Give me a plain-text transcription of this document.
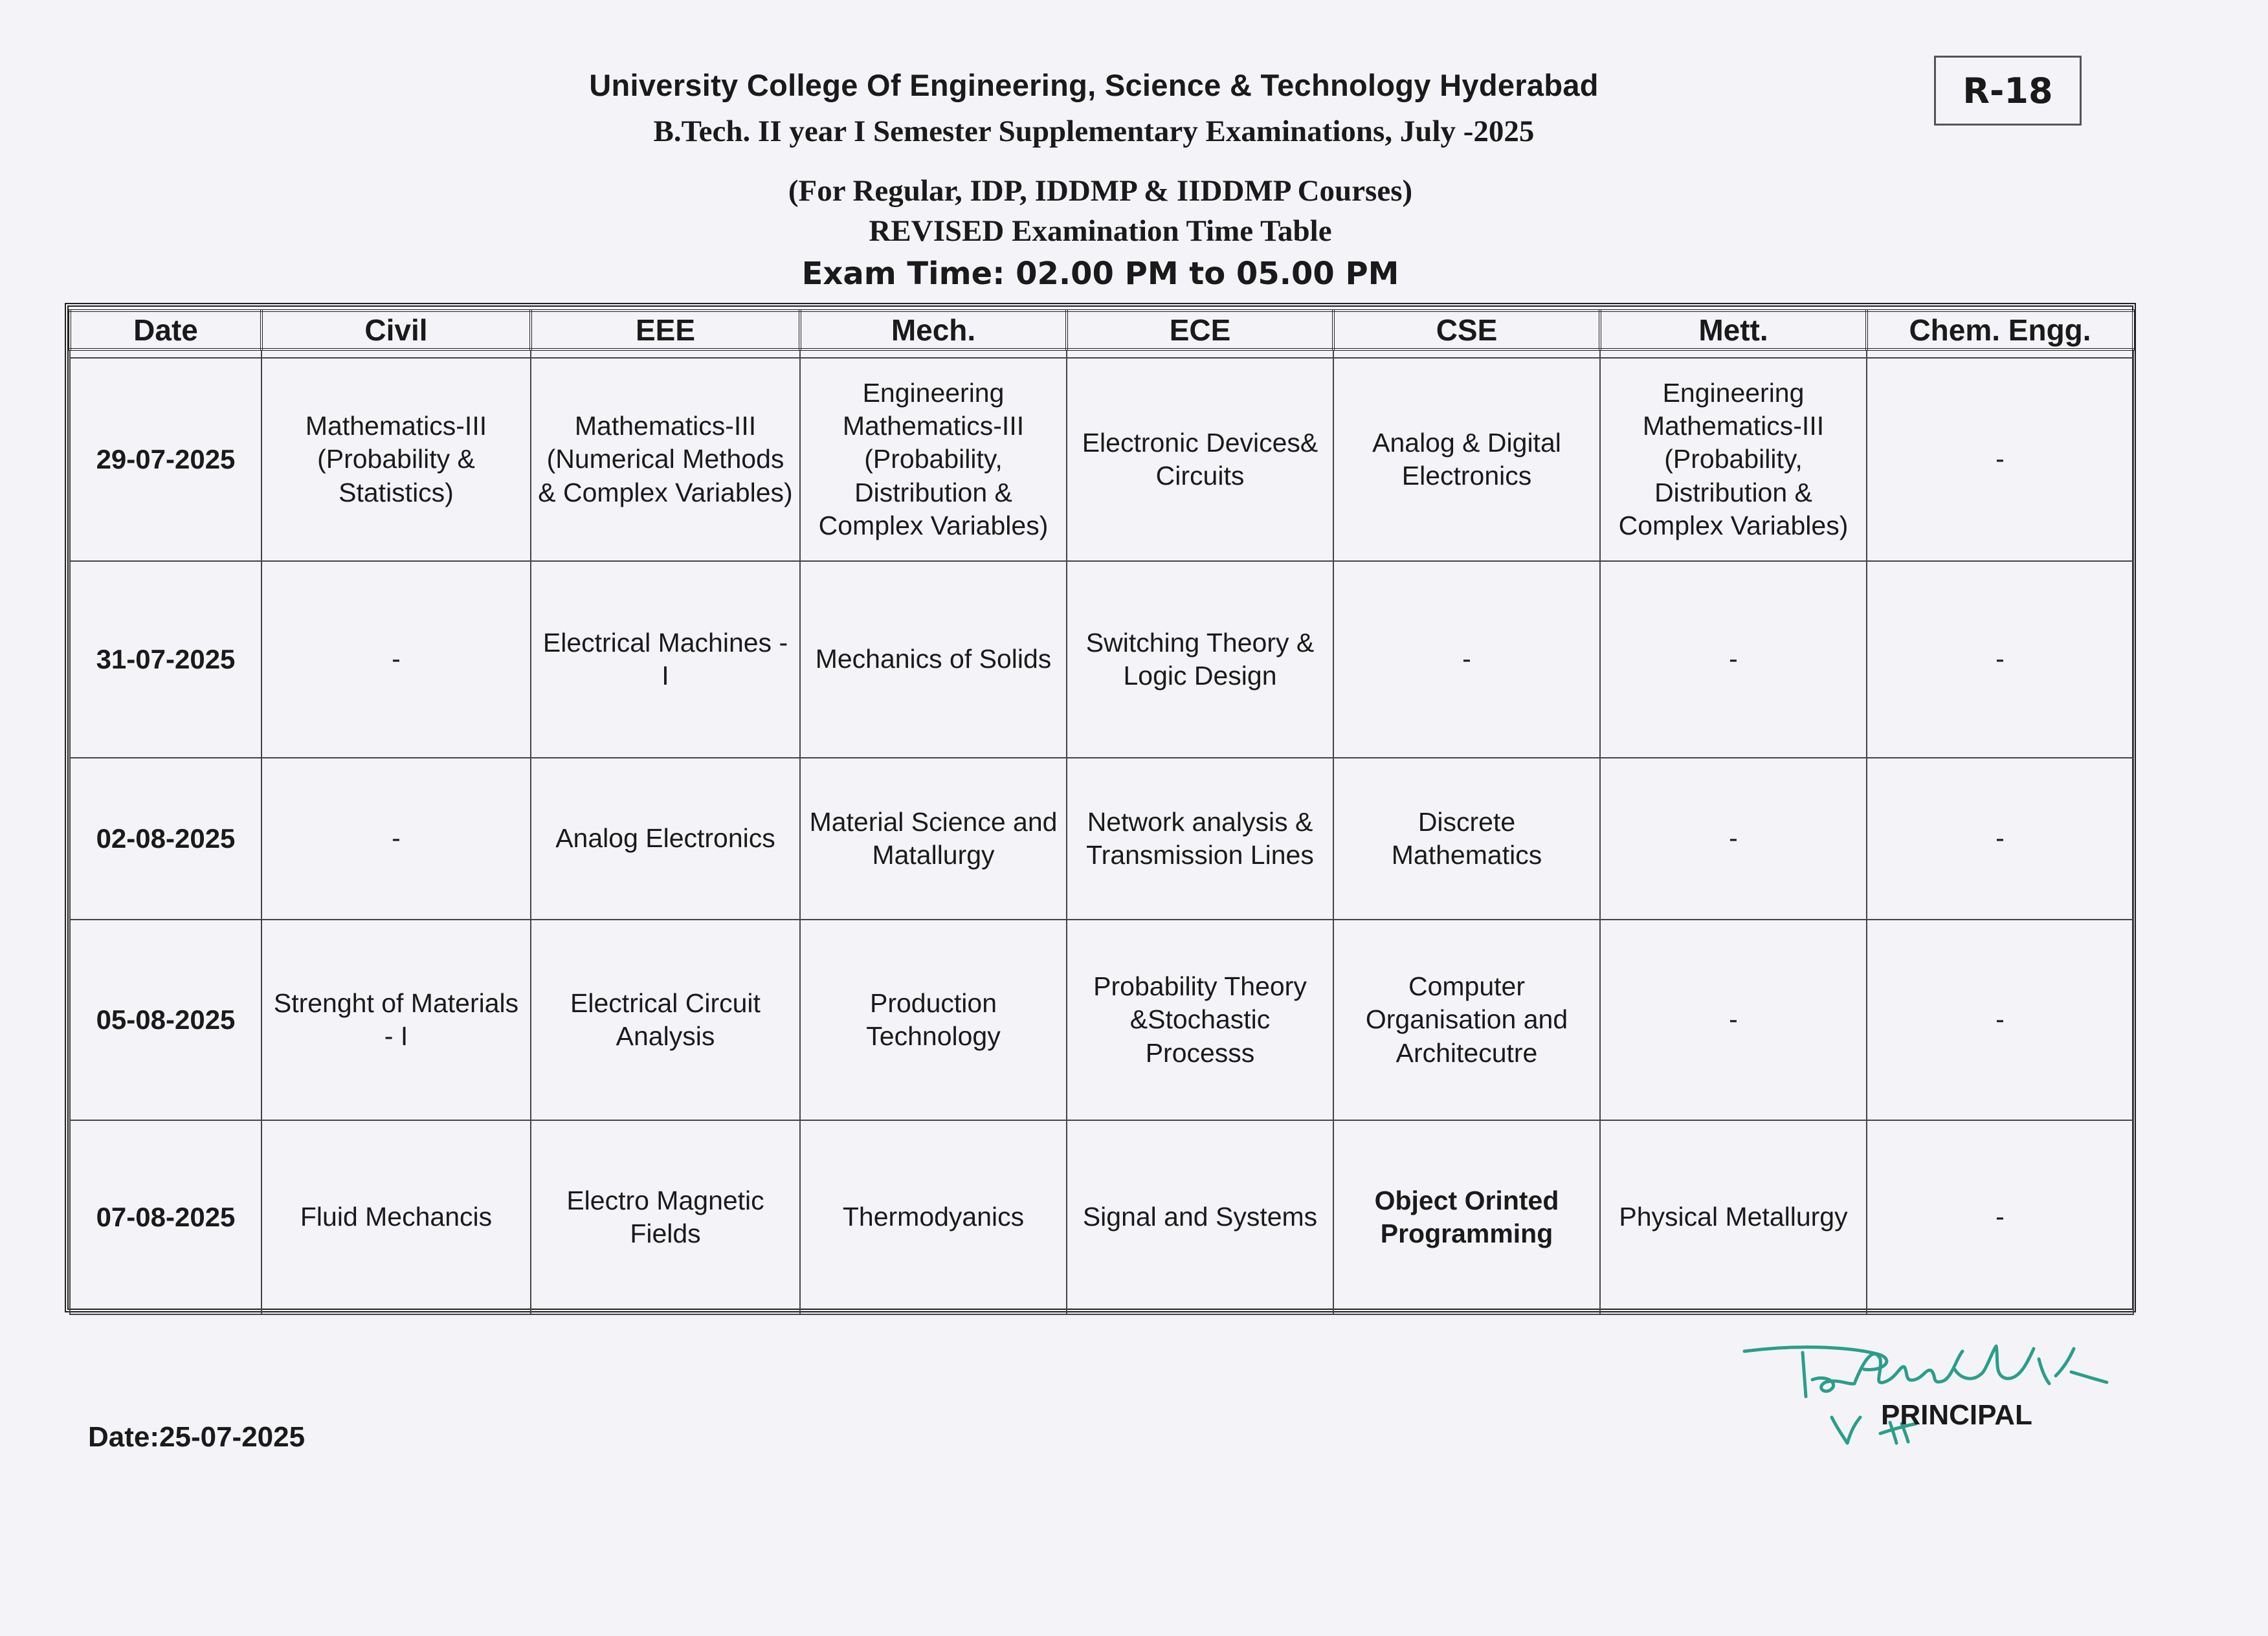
University College Of Engineering, Science & Technology Hyderabad
B.Tech. II year I Semester Supplementary Examinations, July -2025
(For Regular, IDP, IDDMP & IIDDMP Courses)
REVISED Examination Time Table
Exam Time: 02.00 PM to 05.00 PM
R-18
Date	Civil	EEE	Mech.	ECE	CSE	Mett.	Chem. Engg.

29-07-2025	Mathematics-III (Probability & Statistics)	Mathematics-III (Numerical Methods & Complex Variables)	Engineering Mathematics-III (Probability, Distribution & Complex Variables)	Electronic Devices& Circuits	Analog & Digital Electronics	Engineering Mathematics-III (Probability, Distribution & Complex Variables)	-
31-07-2025	-	Electrical Machines - I	Mechanics of Solids	Switching Theory & Logic Design	-	-	-
02-08-2025	-	Analog Electronics	Material Science and Matallurgy	Network analysis & Transmission Lines	Discrete Mathematics	-	-
05-08-2025	Strenght of Materials - I	Electrical Circuit Analysis	Production Technology	Probability Theory &Stochastic Processs	Computer Organisation and Architecutre	-	-
07-08-2025	Fluid Mechancis	Electro Magnetic Fields	Thermodyanics	Signal and Systems	Object Orinted Programming	Physical Metallurgy	-
Date:25-07-2025
PRINCIPAL
